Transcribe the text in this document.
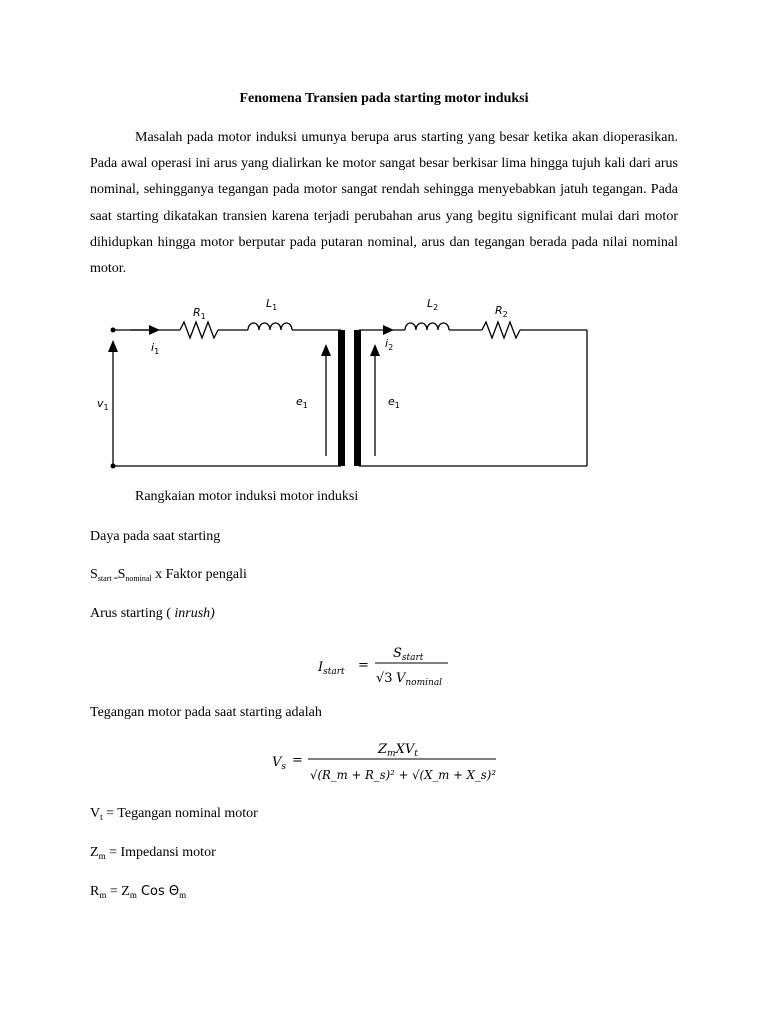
Fenomena Transien pada starting motor induksi

Masalah pada motor induksi umunya berupa arus starting yang besar ketika akan dioperasikan. Pada awal operasi ini arus yang dialirkan ke motor sangat besar berkisar lima hingga tujuh kali dari arus nominal, sehingganya tegangan pada motor sangat rendah sehingga menyebabkan jatuh tegangan. Pada saat starting dikatakan transien karena terjadi perubahan arus yang begitu significant mulai dari motor dihidupkan hingga motor berputar pada putaran nominal, arus dan tegangan berada pada nilai nominal motor.

$R_1$
$L_1$	$L_2$	$R_2$
$i_1$
$i_2$
$v_1$	$e_1$	$e_1$
Rangkaian motor induksi motor induksi
Daya pada saat starting
$S_{start =}$ $S_{nominal}$ x Faktor pengali
Arus starting ( inrush)
$I_{start}$ =
$S_{start}$
√3 $V_{nominal}$
Tegangan motor pada saat starting adalah
$V_s$ =
$Z_mXV_t$
√(R_m + R_s)² + √(X_m + X_s)²
$V_t$ = Tegangan nominal motor
$Z_m$ = Impedansi motor
$R_m = Z_m$ Cos $\Theta_m$
